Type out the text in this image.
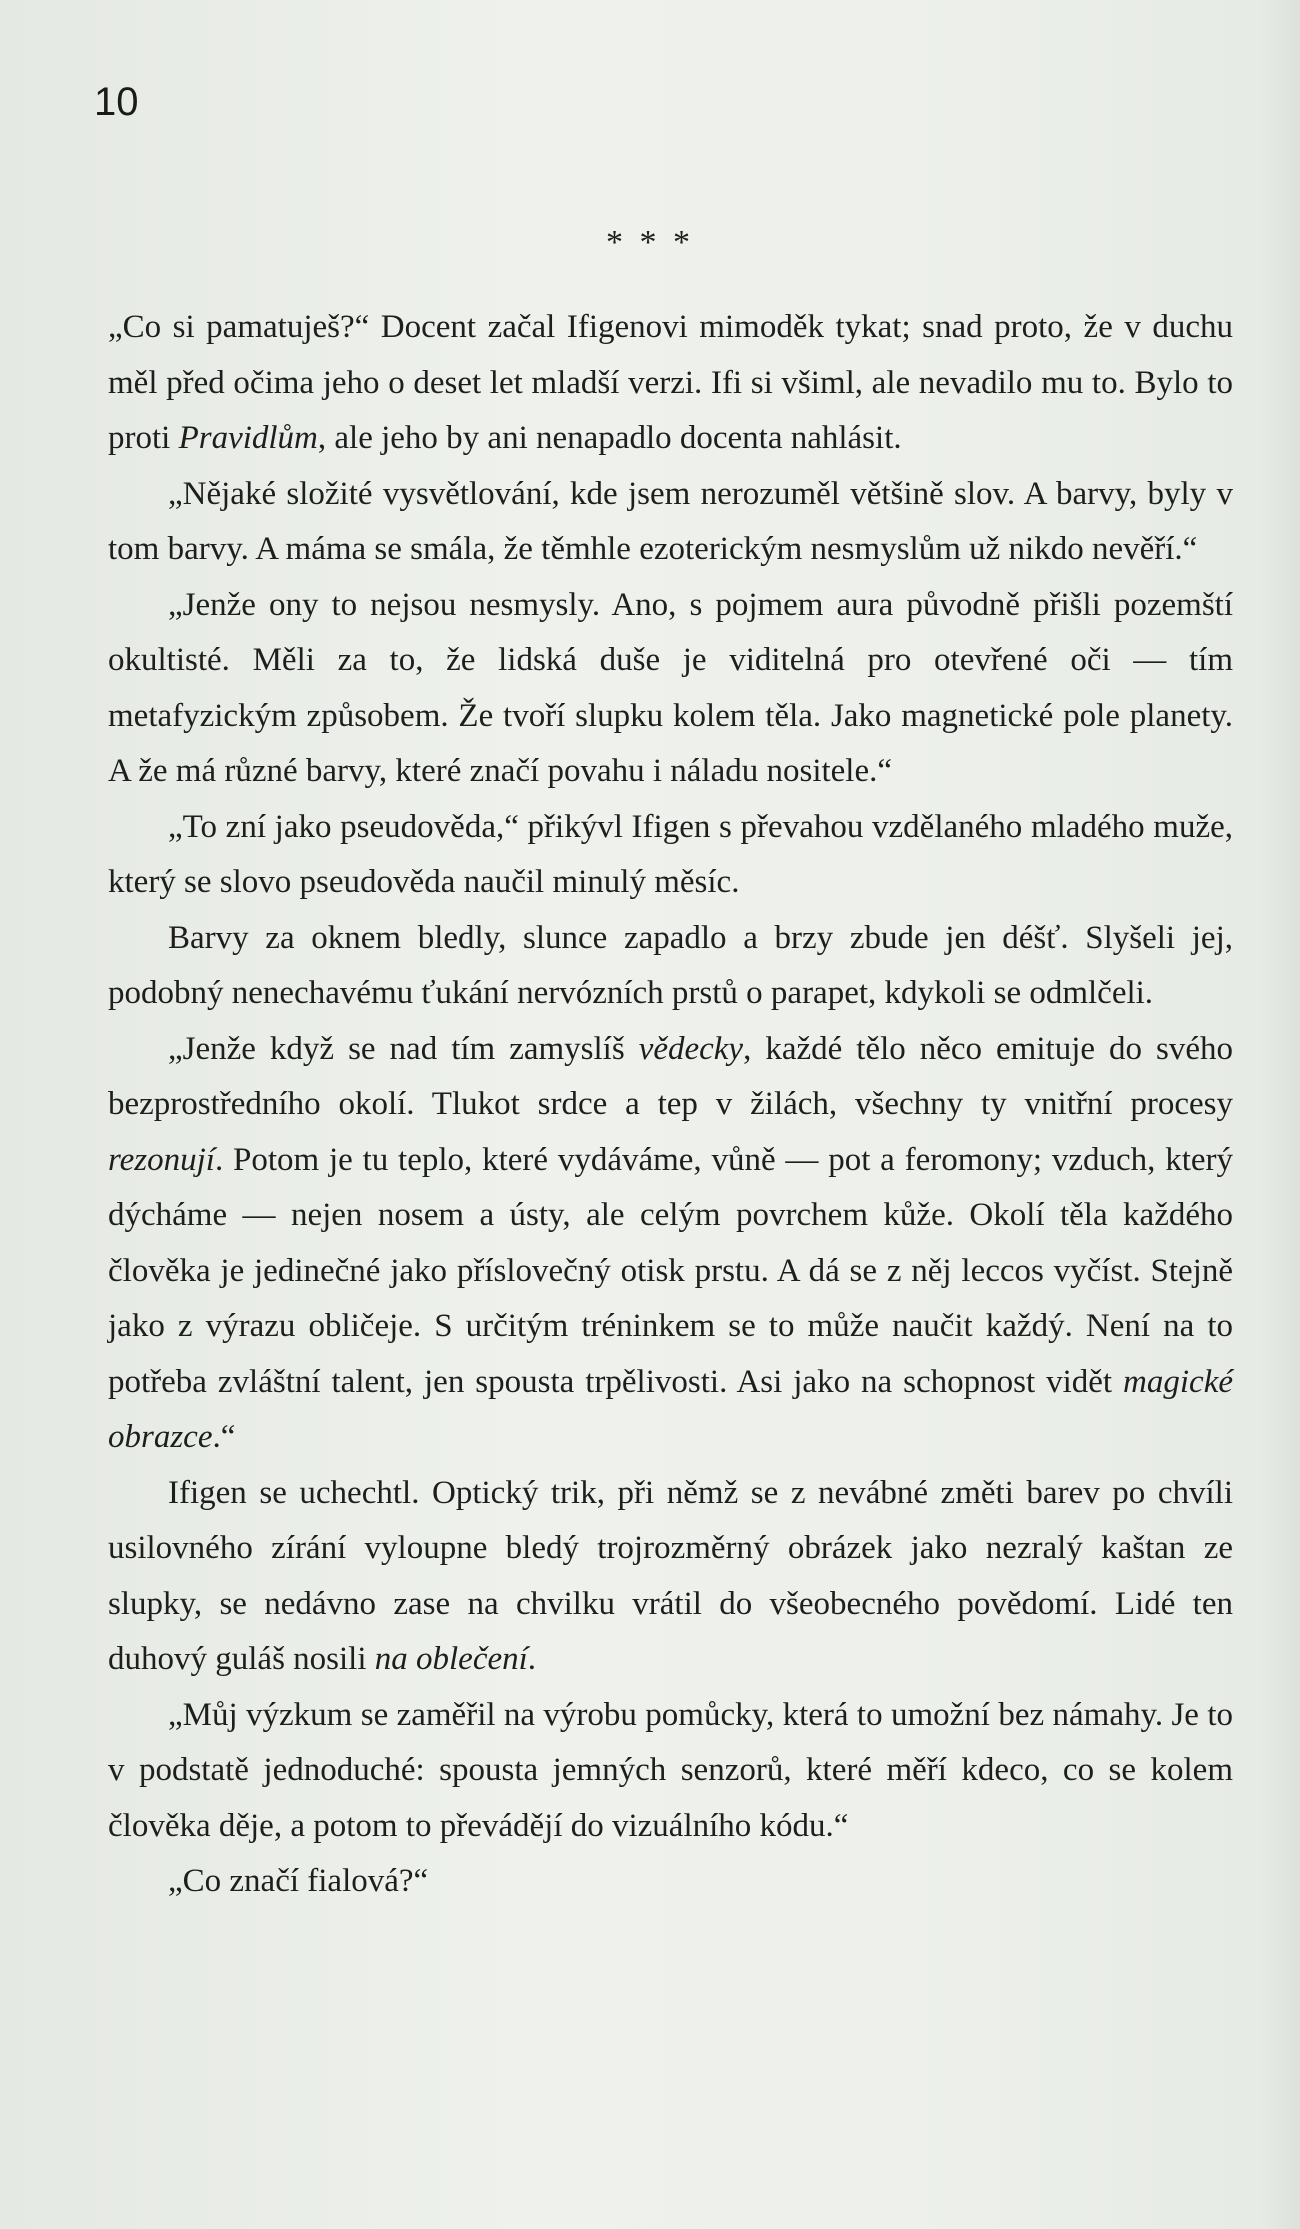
10
* * *

„Co si pamatuješ?“ Docent začal Ifigenovi mimoděk tykat; snad proto, že v duchu měl před očima jeho o deset let mladší verzi. Ifi si všiml, ale nevadilo mu to. Bylo to proti Pravidlům, ale jeho by ani nenapadlo docenta nahlásit.

„Nějaké složité vysvětlování, kde jsem nerozuměl většině slov. A barvy, byly v tom barvy. A máma se smála, že těmhle ezoterickým nesmyslům už nikdo nevěří.“

„Jenže ony to nejsou nesmysly. Ano, s pojmem aura původně přišli pozemští okultisté. Měli za to, že lidská duše je viditelná pro otevřené oči — tím metafyzickým způsobem. Že tvoří slupku kolem těla. Jako magnetické pole planety. A že má různé barvy, které značí povahu i náladu nositele.“

„To zní jako pseudověda,“ přikývl Ifigen s převahou vzdělaného mladého muže, který se slovo pseudověda naučil minulý měsíc.

Barvy za oknem bledly, slunce zapadlo a brzy zbude jen déšť. Slyšeli jej, podobný nenechavému ťukání nervózních prstů o parapet, kdykoli se odmlčeli.

„Jenže když se nad tím zamyslíš vědecky, každé tělo něco emituje do svého bezprostředního okolí. Tlukot srdce a tep v žilách, všechny ty vnitřní procesy rezonují. Potom je tu teplo, které vydáváme, vůně — pot a feromony; vzduch, který dýcháme — nejen nosem a ústy, ale celým povrchem kůže. Okolí těla každého člověka je jedinečné jako příslovečný otisk prstu. A dá se z něj leccos vyčíst. Stejně jako z výrazu obličeje. S určitým tréninkem se to může naučit každý. Není na to potřeba zvláštní talent, jen spousta trpělivosti. Asi jako na schopnost vidět magické obrazce.“

Ifigen se uchechtl. Optický trik, při němž se z nevábné změti barev po chvíli usilovného zírání vyloupne bledý trojrozměrný obrázek jako nezralý kaštan ze slupky, se nedávno zase na chvilku vrátil do všeobecného povědomí. Lidé ten duhový guláš nosili na oblečení.

„Můj výzkum se zaměřil na výrobu pomůcky, která to umožní bez námahy. Je to v podstatě jednoduché: spousta jemných senzorů, které měří kdeco, co se kolem člověka děje, a potom to převádějí do vizuálního kódu.“

„Co značí fialová?“
